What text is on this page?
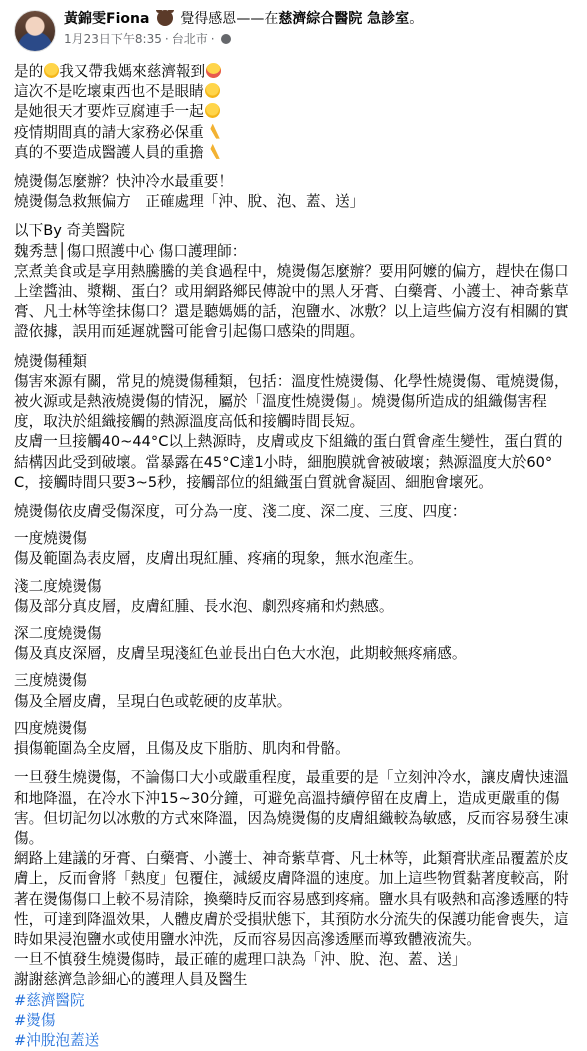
黃錦雯Fiona 覺得感恩——在慈濟綜合醫院 急診室。
1月23日下午8:35 · 台北市 ·

是的 我又帶我媽來慈濟報到

這次不是吃壞東西也不是眼睛

是她很天才要炸豆腐連手一起

疫情期間真的請大家務必保重

真的不要造成醫護人員的重擔

燒燙傷怎麼辦？快沖冷水最重要！

燒燙傷急救無偏方　正確處理「沖、脫、泡、蓋、送」

以下By 奇美醫院

魏秀慧│傷口照護中心 傷口護理師：

烹煮美食或是享用熱騰騰的美食過程中，燒燙傷怎麼辦？要用阿嬤的偏方，趕快在傷口上塗醬油、漿糊、蛋白？或用網路鄉民傳說中的黑人牙膏、白藥膏、小護士、神奇紫草膏、凡士林等塗抹傷口？還是聽媽媽的話，泡鹽水、冰敷？以上這些偏方沒有相關的實證依據，誤用而延遲就醫可能會引起傷口感染的問題。

燒燙傷種類

傷害來源有關，常見的燒燙傷種類，包括：溫度性燒燙傷、化學性燒燙傷、電燒燙傷，被火源或是熱液燒燙傷的情況，屬於「溫度性燒燙傷」。燒燙傷所造成的組織傷害程度，取決於組織接觸的熱源溫度高低和接觸時間長短。

皮膚一旦接觸40~44°C以上熱源時，皮膚或皮下組織的蛋白質會產生變性，蛋白質的結構因此受到破壞。當暴露在45°C達1小時，細胞膜就會被破壞；熱源溫度大於60°C，接觸時間只要3~5秒，接觸部位的組織蛋白質就會凝固、細胞會壞死。

燒燙傷依皮膚受傷深度，可分為一度、淺二度、深二度、三度、四度：

一度燒燙傷

傷及範圍為表皮層，皮膚出現紅腫、疼痛的現象，無水泡產生。

淺二度燒燙傷

傷及部分真皮層，皮膚紅腫、長水泡、劇烈疼痛和灼熱感。

深二度燒燙傷

傷及真皮深層，皮膚呈現淺紅色並長出白色大水泡，此期較無疼痛感。

三度燒燙傷

傷及全層皮膚，呈現白色或乾硬的皮革狀。

四度燒燙傷

損傷範圍為全皮層，且傷及皮下脂肪、肌肉和骨骼。

一旦發生燒燙傷，不論傷口大小或嚴重程度，最重要的是「立刻沖冷水，讓皮膚快速溫和地降溫，在冷水下沖15~30分鐘，可避免高溫持續停留在皮膚上，造成更嚴重的傷害。但切記勿以冰敷的方式來降溫，因為燒燙傷的皮膚組織較為敏感，反而容易發生凍傷。

網路上建議的牙膏、白藥膏、小護士、神奇紫草膏、凡士林等，此類膏狀產品覆蓋於皮膚上，反而會將「熱度」包覆住，減緩皮膚降溫的速度。加上這些物質黏著度較高，附著在燙傷傷口上較不易清除，換藥時反而容易感到疼痛。鹽水具有吸熱和高滲透壓的特性，可達到降溫效果，人體皮膚於受損狀態下，其預防水分流失的保護功能會喪失，這時如果浸泡鹽水或使用鹽水沖洗，反而容易因高滲透壓而導致體液流失。

一旦不慎發生燒燙傷時，最正確的處理口訣為「沖、脫、泡、蓋、送」

謝謝慈濟急診細心的護理人員及醫生

#慈濟醫院

#燙傷

#沖脫泡蓋送
